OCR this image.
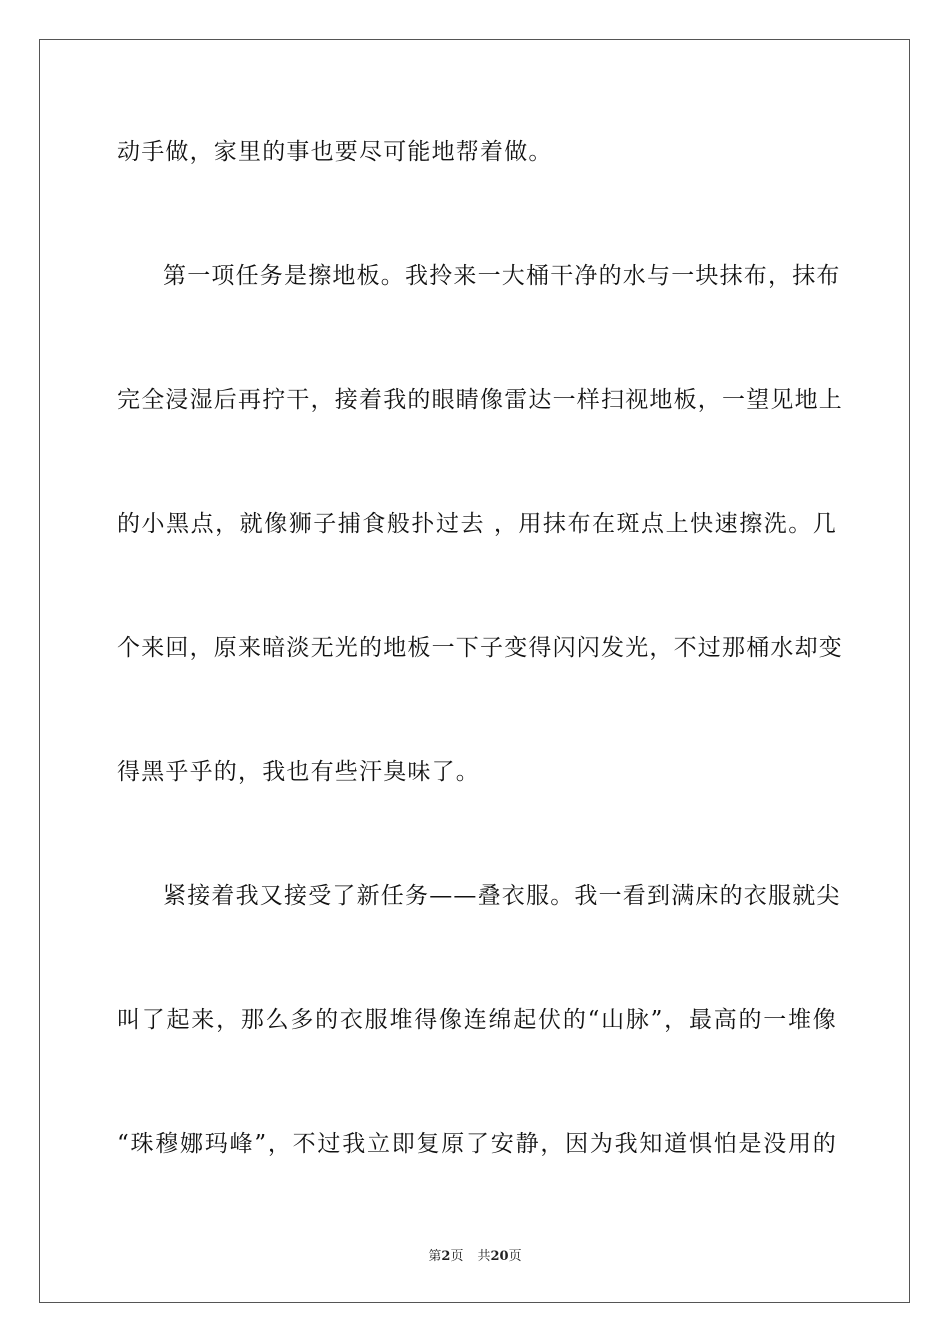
动手做，家里的事也要尽可能地帮着做。
第一项任务是擦地板。我拎来一大桶干净的水与一块抹布，抹布
完全浸湿后再拧干，接着我的眼睛像雷达一样扫视地板，一望见地上
的小黑点，就像狮子捕食般扑过去 ，用抹布在斑点上快速擦洗。几
个来回，原来暗淡无光的地板一下子变得闪闪发光，不过那桶水却变
得黑乎乎的，我也有些汗臭味了。
紧接着我又接受了新任务——叠衣服。我一看到满床的衣服就尖
叫了起来，那么多的衣服堆得像连绵起伏的“山脉”，最高的一堆像
“珠穆娜玛峰”，不过我立即复原了安静，因为我知道惧怕是没用的
第2页 共20页
